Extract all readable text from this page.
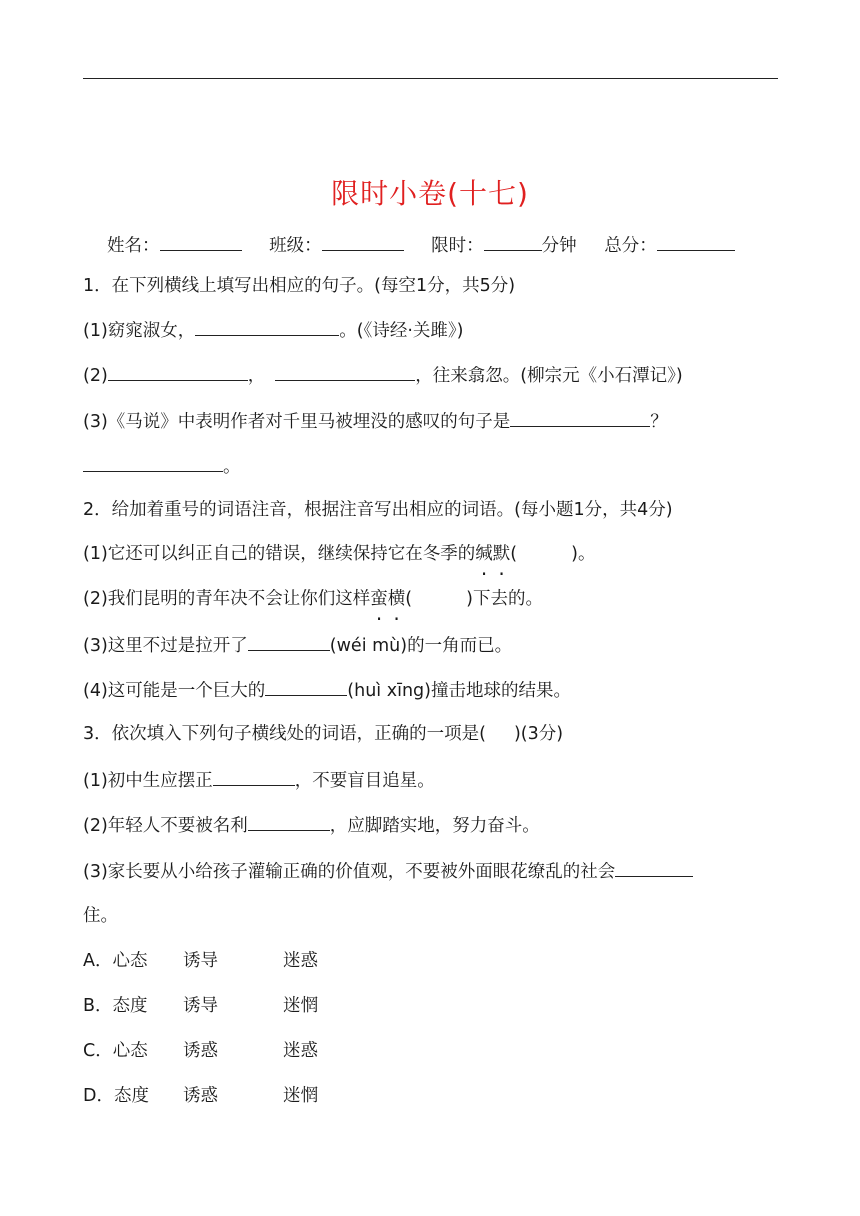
限时小卷(十七)
姓名：	班级：	限时：	分钟 总分：
1．在下列横线上填写出相应的句子。(每空1分，共5分)
(1)窈窕淑女，	。(《诗经·关雎》)
(2)	，	，往来翕忽。(柳宗元《小石潭记》)
(3)《马说》中表明作者对千里马被埋没的感叹的句子是	？
。
2．给加着重号的词语注音，根据注音写出相应的词语。(每小题1分，共4分)
(1)它还可以纠正自己的错误，继续保持它在冬季的缄默(	)。
(2)我们昆明的青年决不会让你们这样蛮横(	)下去的。
(3)这里不过是拉开了	(wéi mù)的一角而已。
(4)这可能是一个巨大的	(huì xīng)撞击地球的结果。
3．依次填入下列句子横线处的词语，正确的一项是( )(3分)
(1)初中生应摆正	，不要盲目追星。
(2)年轻人不要被名利	，应脚踏实地，努力奋斗。
(3)家长要从小给孩子灌输正确的价值观，不要被外面眼花缭乱的社会
住。
A．心态 诱导	迷惑
B．态度 诱导	迷惘
C．心态 诱惑	迷惑
D．态度 诱惑	迷惘
